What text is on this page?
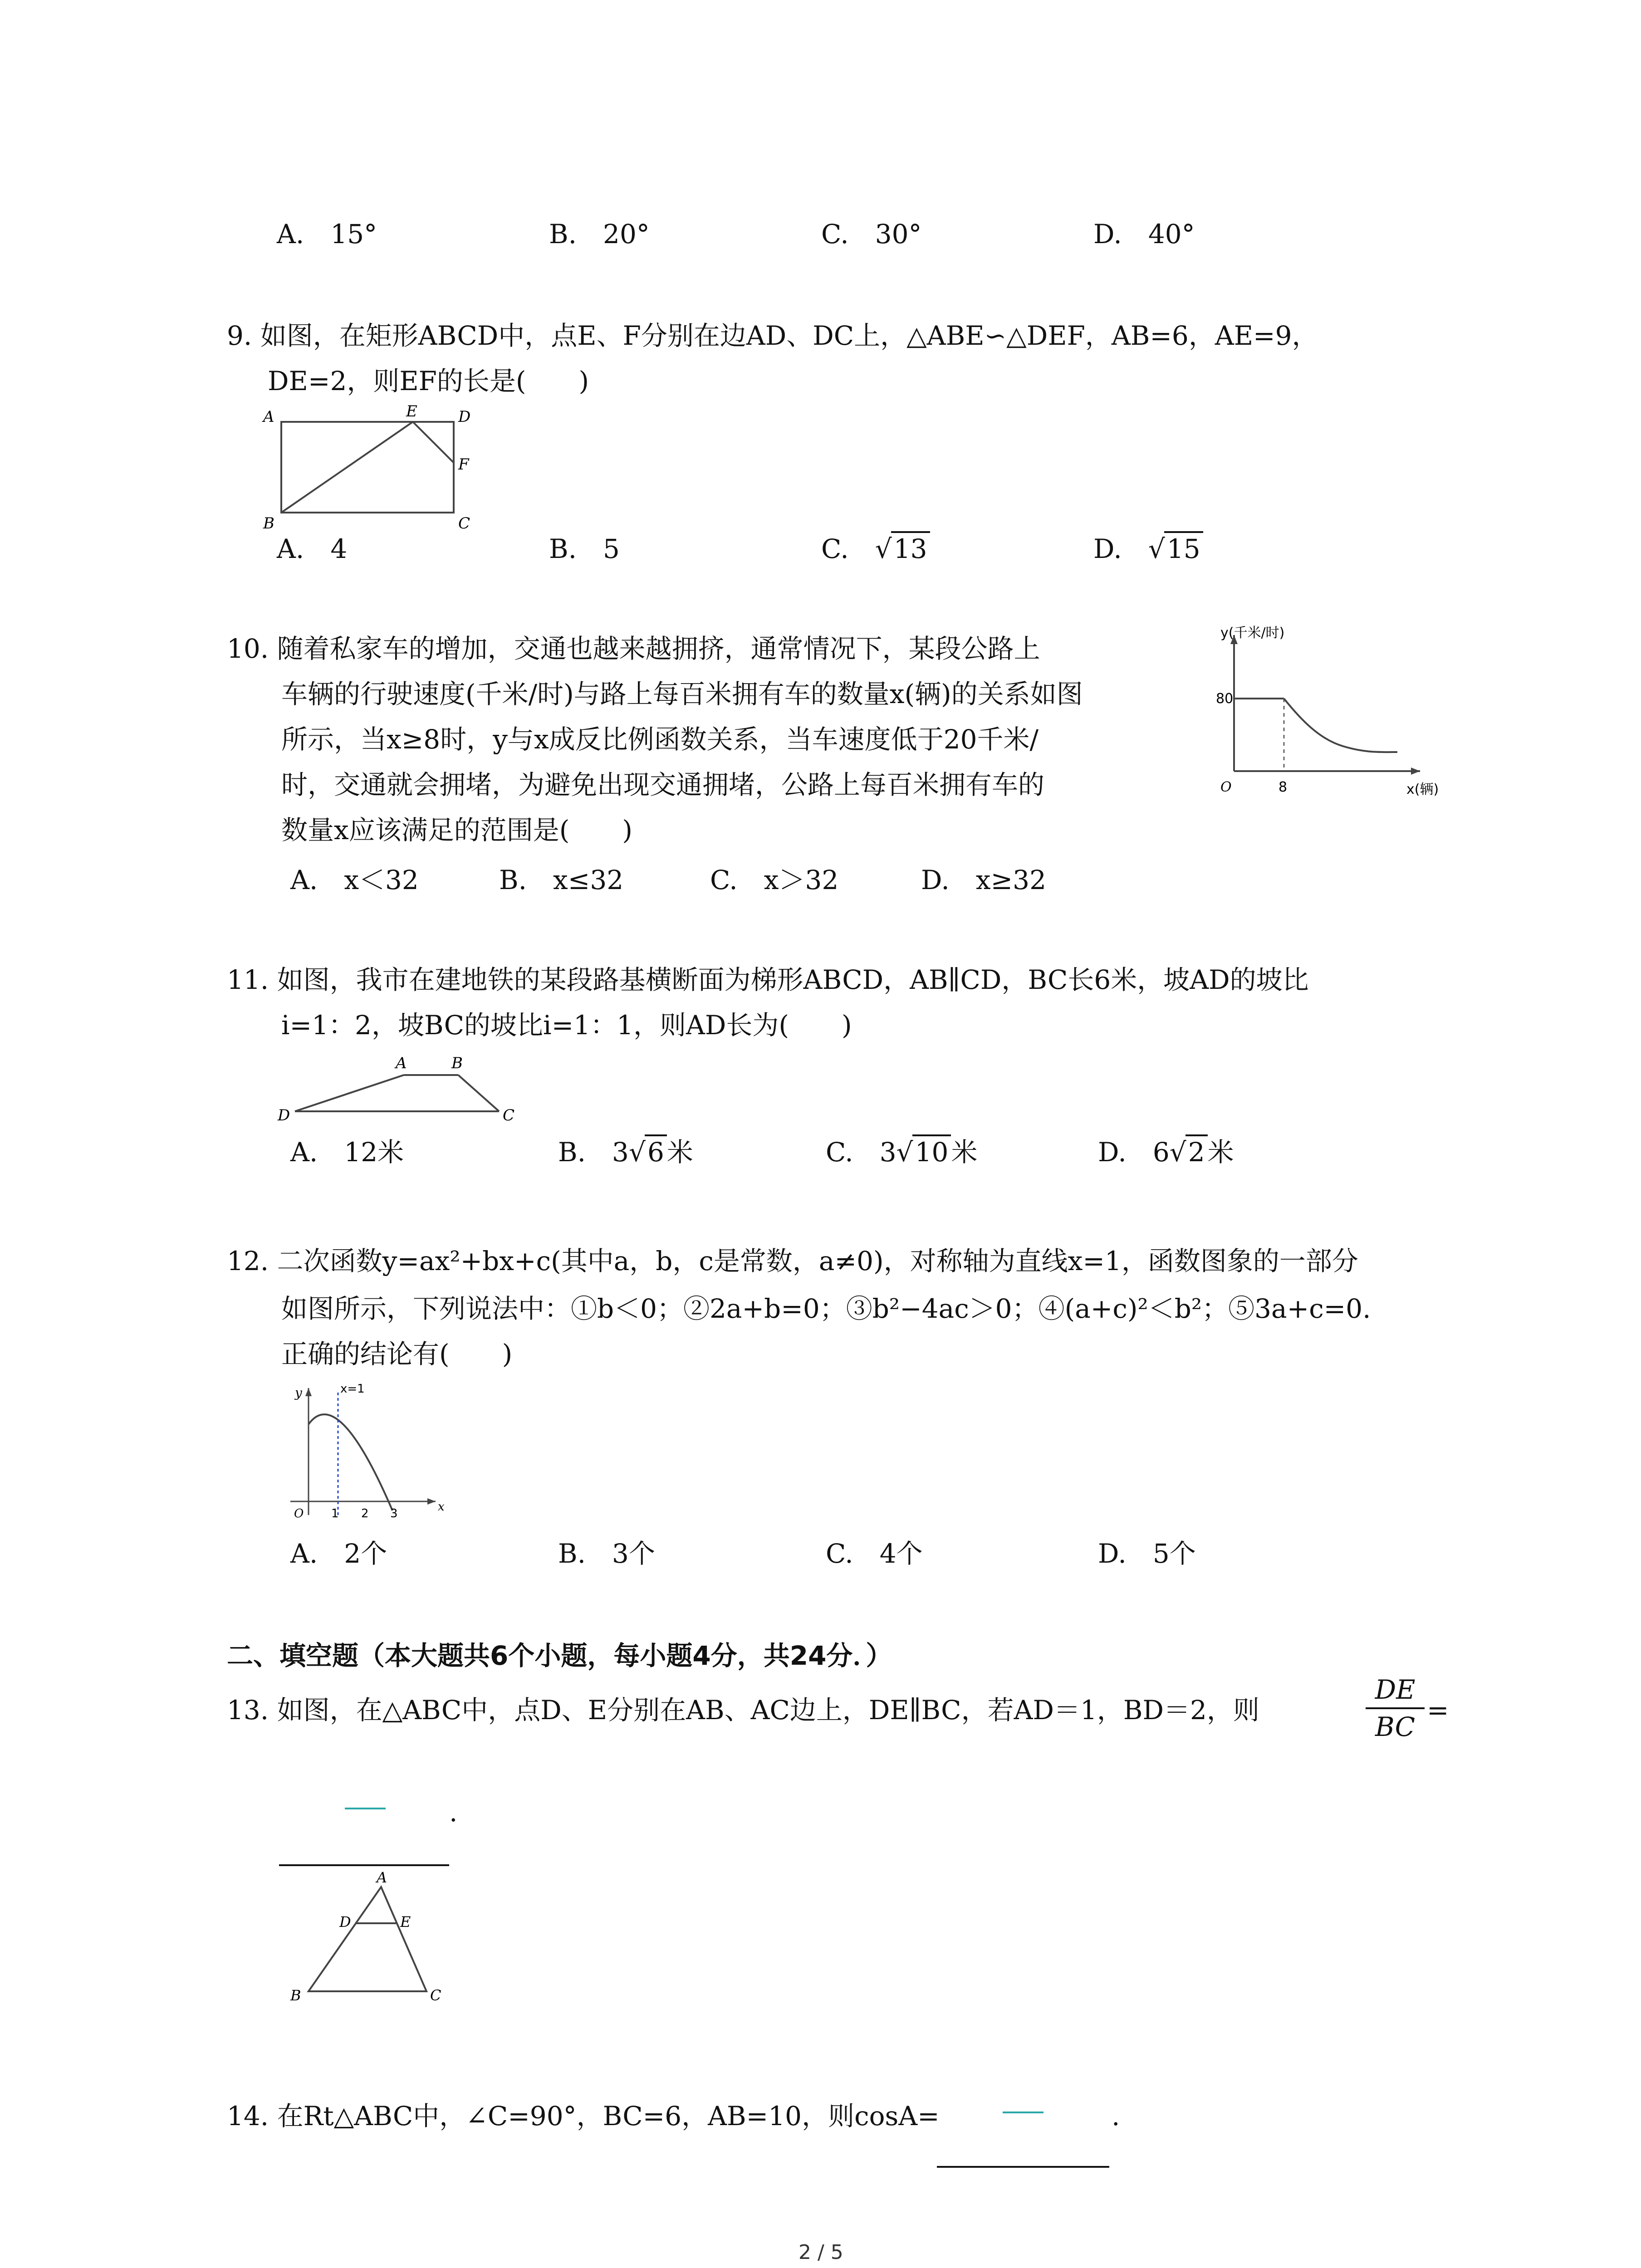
A.　15°	B.　20°	C.　30°	D.　40°
9. 如图，在矩形ABCD中，点E、F分别在边AD、DC上，△ABE∽△DEF，AB=6，AE=9，
DE=2，则EF的长是(　　)
A
B	C
D
E
F
A.　4	B.　5	C.　√13	D.　√15
10. 随着私家车的增加，交通也越来越拥挤，通常情况下，某段公路上
车辆的行驶速度(千米/时)与路上每百米拥有车的数量x(辆)的关系如图
所示，当x≥8时，y与x成反比例函数关系，当车速度低于20千米/
时，交通就会拥堵，为避免出现交通拥堵，公路上每百米拥有车的
数量x应该满足的范围是(　　)
80
8
O
y(千米/时)
x(辆)
A.　x＜32	B.　x≤32	C.　x＞32	D.　x≥32
11. 如图，我市在建地铁的某段路基横断面为梯形ABCD，AB∥CD，BC长6米，坡AD的坡比
i=1：2，坡BC的坡比i=1：1，则AD长为(　　)
A	B
C
D
A.　12米	B.　3√6 米	C.　3√10 米	D.　6√2 米
12. 二次函数y=ax²+bx+c(其中a，b，c是常数，a≠0)，对称轴为直线x=1，函数图象的一部分
如图所示，下列说法中：①b＜0；②2a+b=0；③b²−4ac＞0；④(a+c)²＜b²；⑤3a+c=0.
正确的结论有(　　)
y	x=1
O 1 2 3	x
A.　2个	B.　3个	C.　4个	D.　5个
二、填空题（本大题共6个小题，每小题4分，共24分．）
13. 如图，在△ABC中，点D、E分别在AB、AC边上，DE∥BC，若AD＝1，BD＝2，则
DE
BC
=
.
A
D	E
B	C
14. 在Rt△ABC中，∠C=90°，BC=6，AB=10，则cosA=	.
2 / 5
